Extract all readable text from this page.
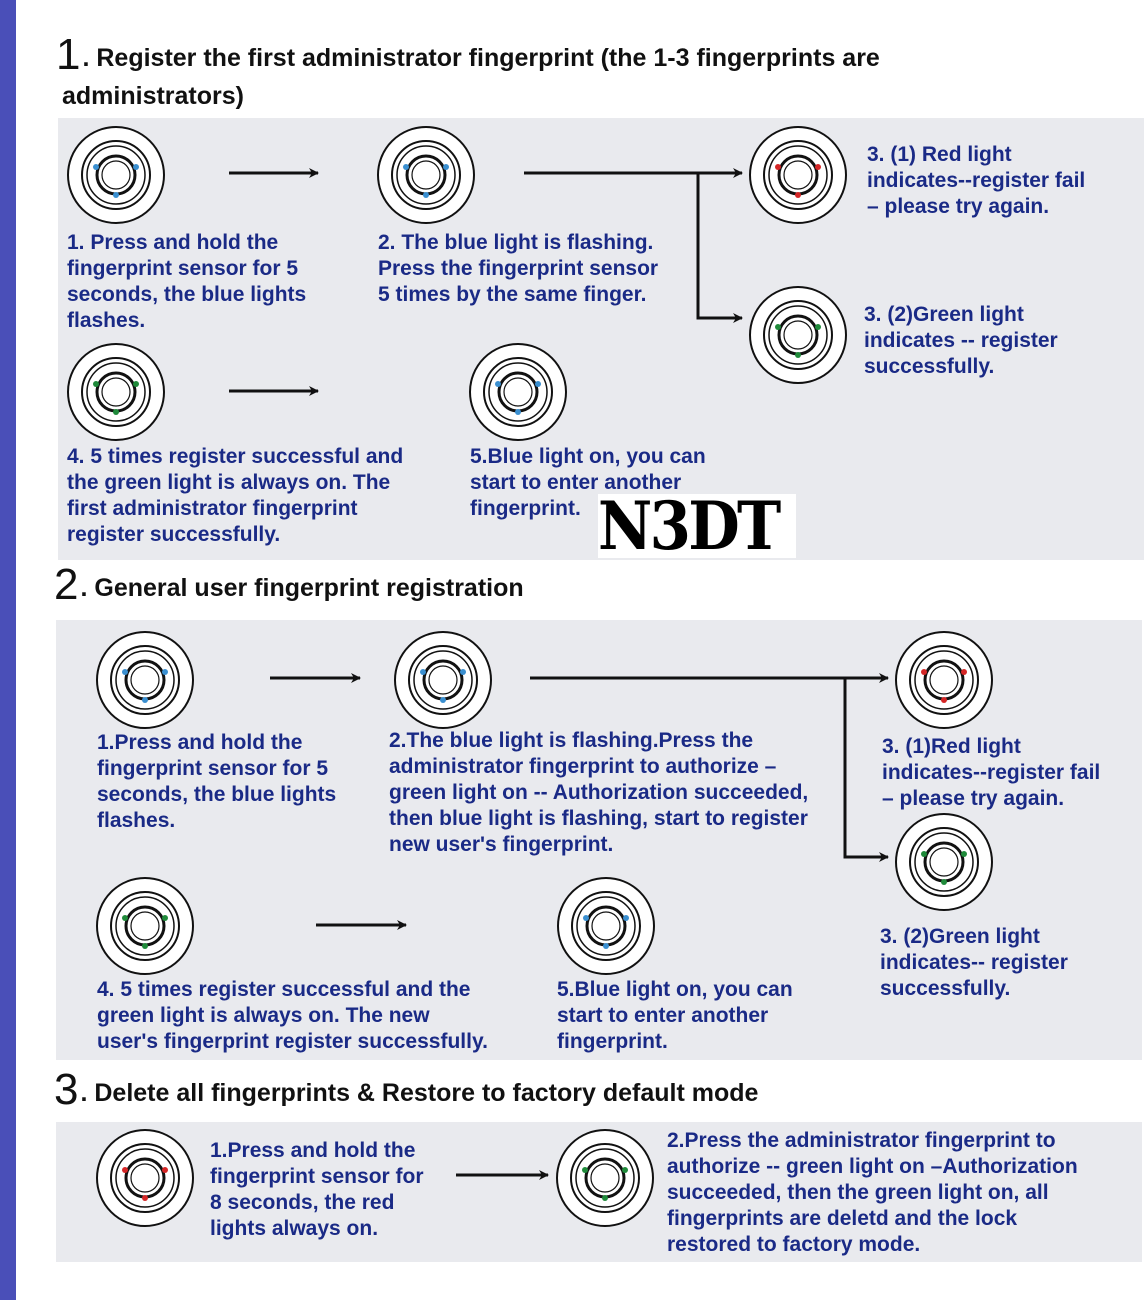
1. Register the first administrator fingerprint (the 1-3 fingerprints are
administrators)
2. General user fingerprint registration
3. Delete all fingerprints & Restore to factory default mode
1. Press and hold the
fingerprint sensor for 5
seconds, the blue lights
flashes.
2. The blue light is flashing.
Press the fingerprint sensor
5 times by the same finger.
3. (1) Red light
indicates--register fail
– please try again.
3. (2)Green light
indicates -- register
successfully.
4. 5 times register successful and
the green light is always on. The
first administrator fingerprint
register successfully.
5.Blue light on, you can
start to enter another
fingerprint.
1.Press and hold the
fingerprint sensor for 5
seconds, the blue lights
flashes.
2.The blue light is flashing.Press the
administrator fingerprint to authorize –
green light on -- Authorization succeeded,
then blue light is flashing, start to register
new user's fingerprint.
3. (1)Red light
indicates--register fail
– please try again.
3. (2)Green light
indicates-- register
successfully.
4. 5 times register successful and the
green light is always on. The new
user's fingerprint register successfully.
5.Blue light on, you can
start to enter another
fingerprint.
1.Press and hold the
fingerprint sensor for
8 seconds, the red
lights always on.
2.Press the administrator fingerprint to
authorize -- green light on –Authorization
succeeded, then the green light on, all
fingerprints are deletd and the lock
restored to factory mode.
N3DT
